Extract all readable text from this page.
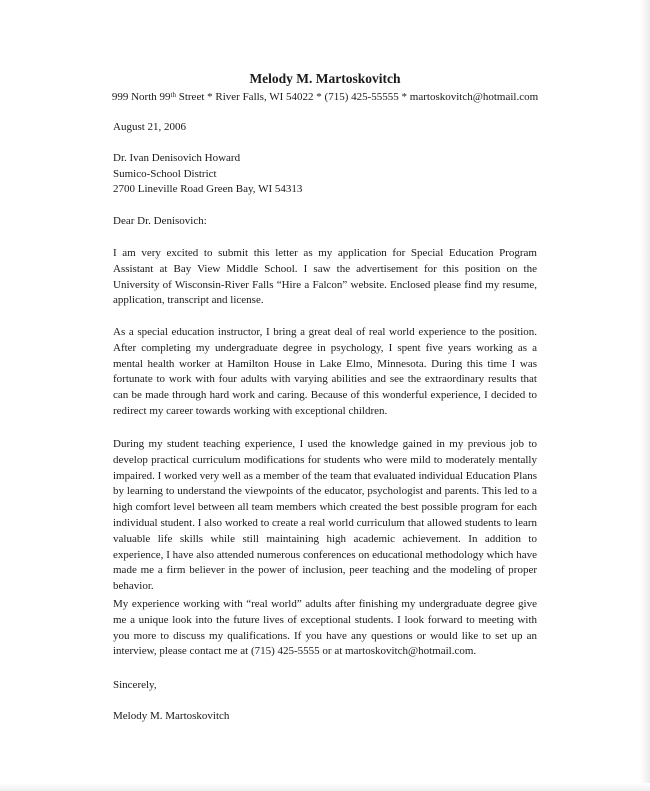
Melody M. Martoskovitch

999 North 99th Street * River Falls, WI 54022 * (715) 425-55555 * martoskovitch@hotmail.com

August 21, 2006

Dr. Ivan Denisovich Howard
Sumico-School District
2700 Lineville Road Green Bay, WI 54313

Dear Dr. Denisovich:

I am very excited to submit this letter as my application for Special Education Program Assistant at Bay View Middle School. I saw the advertisement for this position on the University of Wisconsin-River Falls “Hire a Falcon” website. Enclosed please find my resume, application, transcript and license.

As a special education instructor, I bring a great deal of real world experience to the position. After completing my undergraduate degree in psychology, I spent five years working as a mental health worker at Hamilton House in Lake Elmo, Minnesota. During this time I was fortunate to work with four adults with varying abilities and see the extraordinary results that can be made through hard work and caring. Because of this wonderful experience, I decided to redirect my career towards working with exceptional children.

During my student teaching experience, I used the knowledge gained in my previous job to develop practical curriculum modifications for students who were mild to moderately mentally impaired. I worked very well as a member of the team that evaluated individual Education Plans by learning to understand the viewpoints of the educator, psychologist and parents. This led to a high comfort level between all team members which created the best possible program for each individual student. I also worked to create a real world curriculum that allowed students to learn valuable life skills while still maintaining high academic achievement. In addition to experience, I have also attended numerous conferences on educational methodology which have made me a firm believer in the power of inclusion, peer teaching and the modeling of proper behavior.

My experience working with “real world” adults after finishing my undergraduate degree give me a unique look into the future lives of exceptional students. I look forward to meeting with you more to discuss my qualifications. If you have any questions or would like to set up an interview, please contact me at (715) 425-5555 or at martoskovitch@hotmail.com.

Sincerely,

Melody M. Martoskovitch
